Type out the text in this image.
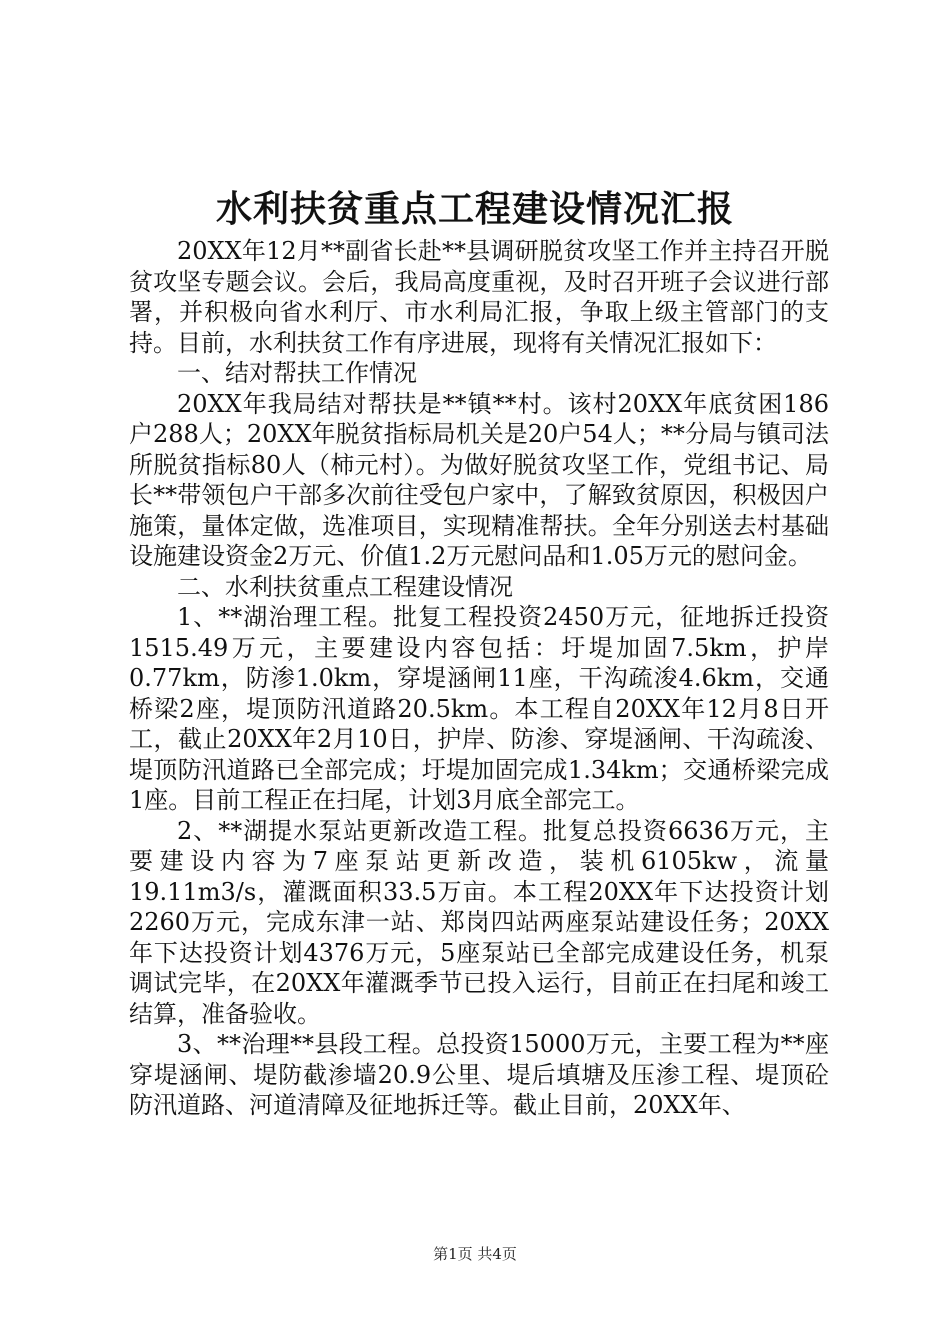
水利扶贫重点工程建设情况汇报

20XX年12月**副省长赴**县调研脱贫攻坚工作并主持召开脱贫攻坚专题会议。会后，我局高度重视，及时召开班子会议进行部署，并积极向省水利厅、市水利局汇报，争取上级主管部门的支持。目前，水利扶贫工作有序进展，现将有关情况汇报如下：

一、结对帮扶工作情况

20XX年我局结对帮扶是**镇**村。该村20XX年底贫困186户288人；20XX年脱贫指标局机关是20户54人；**分局与镇司法所脱贫指标80人（柿元村）。为做好脱贫攻坚工作，党组书记、局长**带领包户干部多次前往受包户家中，了解致贫原因，积极因户施策，量体定做，选准项目，实现精准帮扶。全年分别送去村基础设施建设资金2万元、价值1.2万元慰问品和1.05万元的慰问金。

二、水利扶贫重点工程建设情况

1、**湖治理工程。批复工程投资2450万元，征地拆迁投资1515.49万元，主要建设内容包括：圩堤加固7.5km，护岸0.77km，防渗1.0km，穿堤涵闸11座，干沟疏浚4.6km，交通桥梁2座，堤顶防汛道路20.5km。本工程自20XX年12月8日开工，截止20XX年2月10日，护岸、防渗、穿堤涵闸、干沟疏浚、堤顶防汛道路已全部完成；圩堤加固完成1.34km；交通桥梁完成1座。目前工程正在扫尾，计划3月底全部完工。

2、**湖提水泵站更新改造工程。批复总投资6636万元，主要建设内容为7座泵站更新改造，装机6105kw，流量19.11m3/s，灌溉面积33.5万亩。本工程20XX年下达投资计划2260万元，完成东津一站、郑岗四站两座泵站建设任务；20XX年下达投资计划4376万元，5座泵站已全部完成建设任务，机泵调试完毕，在20XX年灌溉季节已投入运行，目前正在扫尾和竣工结算，准备验收。

3、**治理**县段工程。总投资15000万元，主要工程为**座穿堤涵闸、堤防截渗墙20.9公里、堤后填塘及压渗工程、堤顶砼防汛道路、河道清障及征地拆迁等。截止目前，20XX年、

第1页 共4页
